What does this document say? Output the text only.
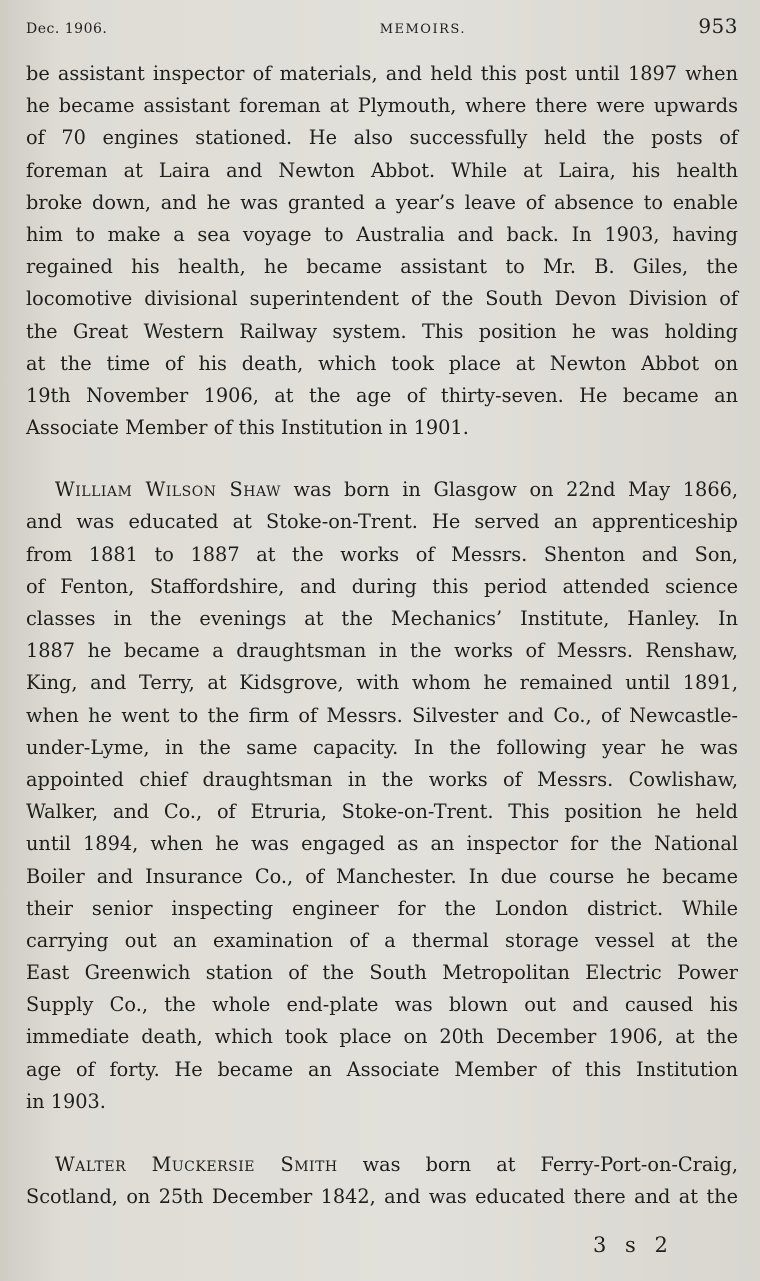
Dec. 1906.	MEMOIRS.	953
be assistant inspector of materials, and held this post until 1897 when
he became assistant foreman at Plymouth, where there were upwards
of 70 engines stationed. He also successfully held the posts of
foreman at Laira and Newton Abbot. While at Laira, his health
broke down, and he was granted a year’s leave of absence to enable
him to make a sea voyage to Australia and back. In 1903, having
regained his health, he became assistant to Mr. B. Giles, the
locomotive divisional superintendent of the South Devon Division of
the Great Western Railway system. This position he was holding
at the time of his death, which took place at Newton Abbot on
19th November 1906, at the age of thirty-seven. He became an
Associate Member of this Institution in 1901.
  William Wilson Shaw was born in Glasgow on 22nd May 1866,
and was educated at Stoke-on-Trent. He served an apprenticeship
from 1881 to 1887 at the works of Messrs. Shenton and Son,
of Fenton, Staffordshire, and during this period attended science
classes in the evenings at the Mechanics’ Institute, Hanley. In
1887 he became a draughtsman in the works of Messrs. Renshaw,
King, and Terry, at Kidsgrove, with whom he remained until 1891,
when he went to the firm of Messrs. Silvester and Co., of Newcastle-
under-Lyme, in the same capacity. In the following year he was
appointed chief draughtsman in the works of Messrs. Cowlishaw,
Walker, and Co., of Etruria, Stoke-on-Trent. This position he held
until 1894, when he was engaged as an inspector for the National
Boiler and Insurance Co., of Manchester. In due course he became
their senior inspecting engineer for the London district. While
carrying out an examination of a thermal storage vessel at the
East Greenwich station of the South Metropolitan Electric Power
Supply Co., the whole end-plate was blown out and caused his
immediate death, which took place on 20th December 1906, at the
age of forty. He became an Associate Member of this Institution
in 1903.
  Walter Muckersie Smith was born at Ferry-Port-on-Craig,
Scotland, on 25th December 1842, and was educated there and at the
3 s 2
